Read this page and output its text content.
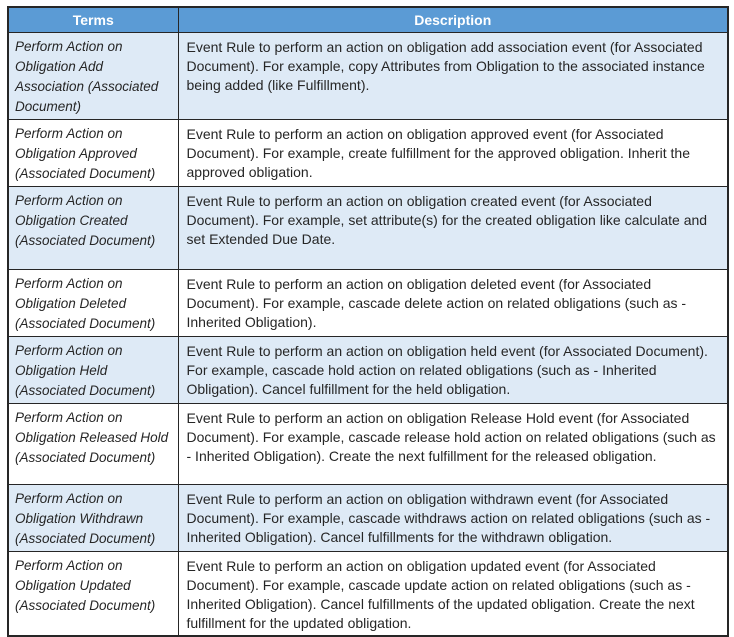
Terms	Description
Perform Action on Obligation Add Association (Associated Document)	Event Rule to perform an action on obligation add association event (for Associated Document). For example, copy Attributes from Obligation to the associated instance being added (like Fulfillment).
Perform Action on Obligation Approved (Associated Document)	Event Rule to perform an action on obligation approved event (for Associated Document). For example, create fulfillment for the approved obligation. Inherit the approved obligation.
Perform Action on Obligation Created (Associated Document)	Event Rule to perform an action on obligation created event (for Associated Document). For example, set attribute(s) for the created obligation like calculate and set Extended Due Date.
Perform Action on Obligation Deleted (Associated Document)	Event Rule to perform an action on obligation deleted event (for Associated Document). For example, cascade delete action on related obligations (such as - Inherited Obligation).
Perform Action on Obligation Held (Associated Document)	Event Rule to perform an action on obligation held event (for Associated Document). For example, cascade hold action on related obligations (such as - Inherited Obligation). Cancel fulfillment for the held obligation.
Perform Action on Obligation Released Hold (Associated Document)	Event Rule to perform an action on obligation Release Hold event (for Associated Document). For example, cascade release hold action on related obligations (such as - Inherited Obligation). Create the next fulfillment for the released obligation.
Perform Action on Obligation Withdrawn (Associated Document)	Event Rule to perform an action on obligation withdrawn event (for Associated Document). For example, cascade withdraws action on related obligations (such as - Inherited Obligation). Cancel fulfillments for the withdrawn obligation.
Perform Action on Obligation Updated (Associated Document)	Event Rule to perform an action on obligation updated event (for Associated Document). For example, cascade update action on related obligations (such as - Inherited Obligation). Cancel fulfillments of the updated obligation. Create the next fulfillment for the updated obligation.
